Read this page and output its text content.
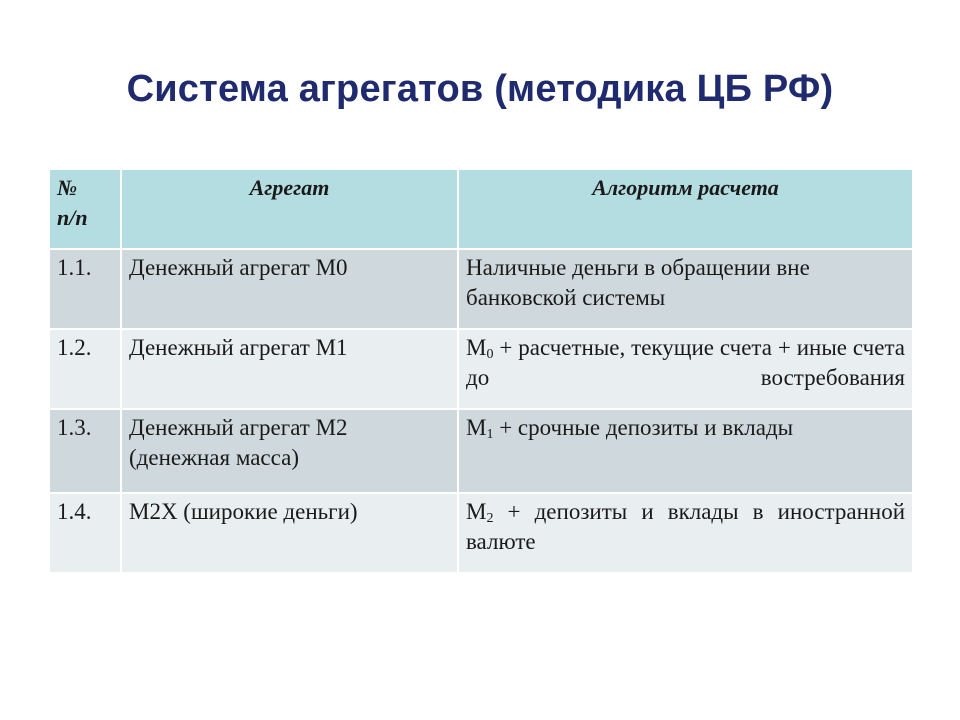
Система агрегатов (методика ЦБ РФ)
№
п/п	Агрегат	Алгоритм расчета
1.1.	Денежный агрегат М0	Наличные деньги в обращении вне банковской системы
1.2.	Денежный агрегат М1	$М_0$ + расчетные, текущие счета + иные счета до востребования
1.3.	Денежный агрегат М2 (денежная масса)	$М_1$ + срочные депозиты и вклады
1.4.	M2X (широкие деньги)	$М_2$ + депозиты и вклады в иностранной валюте
